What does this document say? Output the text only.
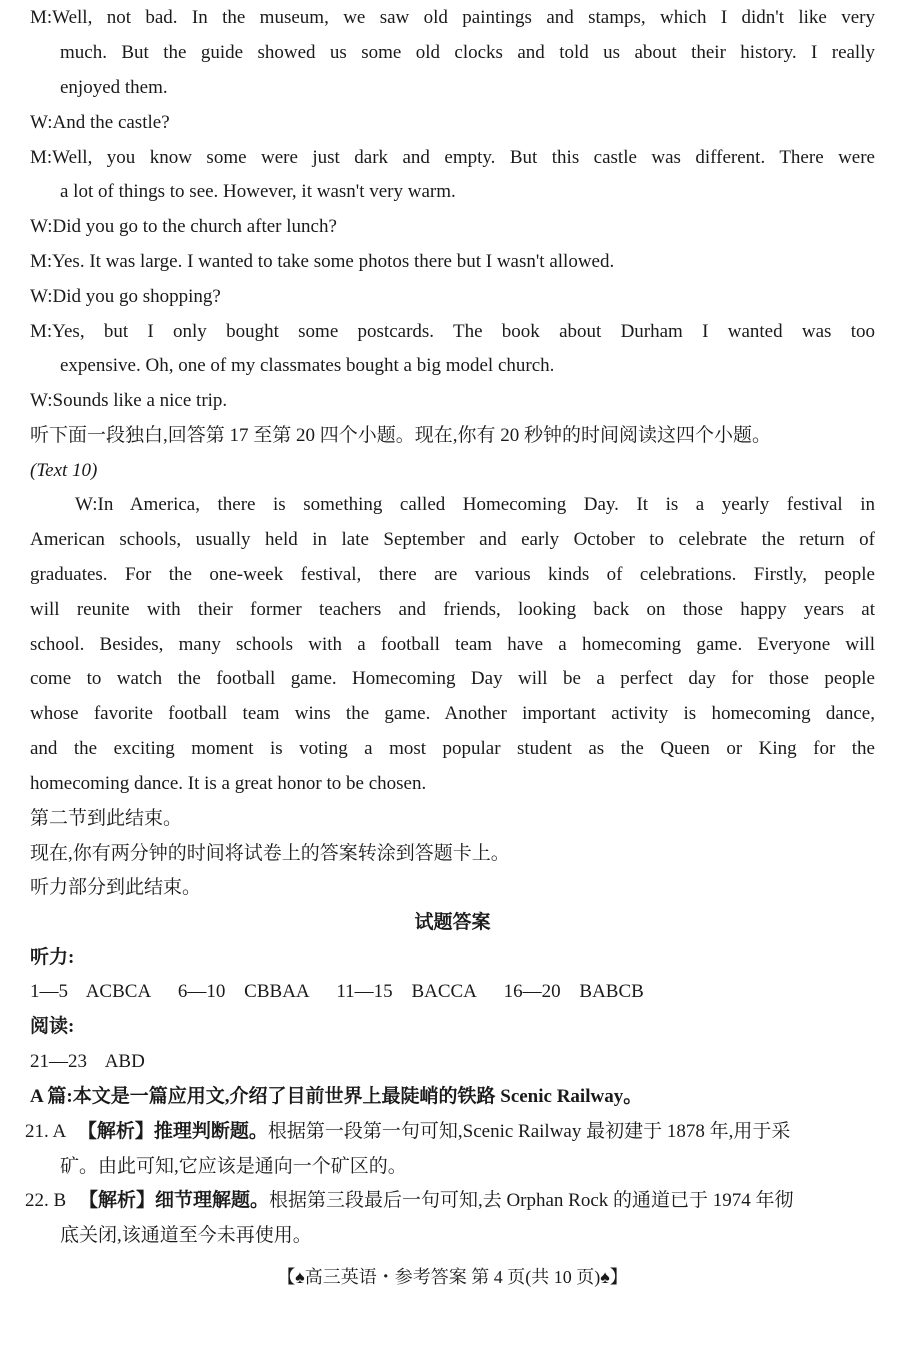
M:Well, not bad. In the museum, we saw old paintings and stamps, which I didn't like very
much. But the guide showed us some old clocks and told us about their history. I really
enjoyed them.
W:And the castle?
M:Well, you know some were just dark and empty. But this castle was different. There were
a lot of things to see. However, it wasn't very warm.
W:Did you go to the church after lunch?
M:Yes. It was large. I wanted to take some photos there but I wasn't allowed.
W:Did you go shopping?
M:Yes, but I only bought some postcards. The book about Durham I wanted was too
expensive. Oh, one of my classmates bought a big model church.
W:Sounds like a nice trip.
听下面一段独白,回答第 17 至第 20 四个小题。现在,你有 20 秒钟的时间阅读这四个小题。
(Text 10)
W:In America, there is something called Homecoming Day. It is a yearly festival in
American schools, usually held in late September and early October to celebrate the return of
graduates. For the one-week festival, there are various kinds of celebrations. Firstly, people
will reunite with their former teachers and friends, looking back on those happy years at
school. Besides, many schools with a football team have a homecoming game. Everyone will
come to watch the football game. Homecoming Day will be a perfect day for those people
whose favorite football team wins the game. Another important activity is homecoming dance,
and the exciting moment is voting a most popular student as the Queen or King for the
homecoming dance. It is a great honor to be chosen.
第二节到此结束。
现在,你有两分钟的时间将试卷上的答案转涂到答题卡上。
听力部分到此结束。
试题答案
听力:
1—5 ACBCA 6—10 CBBAA 11—15 BACCA 16—20 BABCB
阅读:
21—23 ABD
A 篇:本文是一篇应用文,介绍了目前世界上最陡峭的铁路 Scenic Railway。
21. A 【解析】推理判断题。根据第一段第一句可知,Scenic Railway 最初建于 1878 年,用于采
矿。由此可知,它应该是通向一个矿区的。
22. B 【解析】细节理解题。根据第三段最后一句可知,去 Orphan Rock 的通道已于 1974 年彻
底关闭,该通道至今未再使用。
【♠高三英语・参考答案 第 4 页(共 10 页)♠】
